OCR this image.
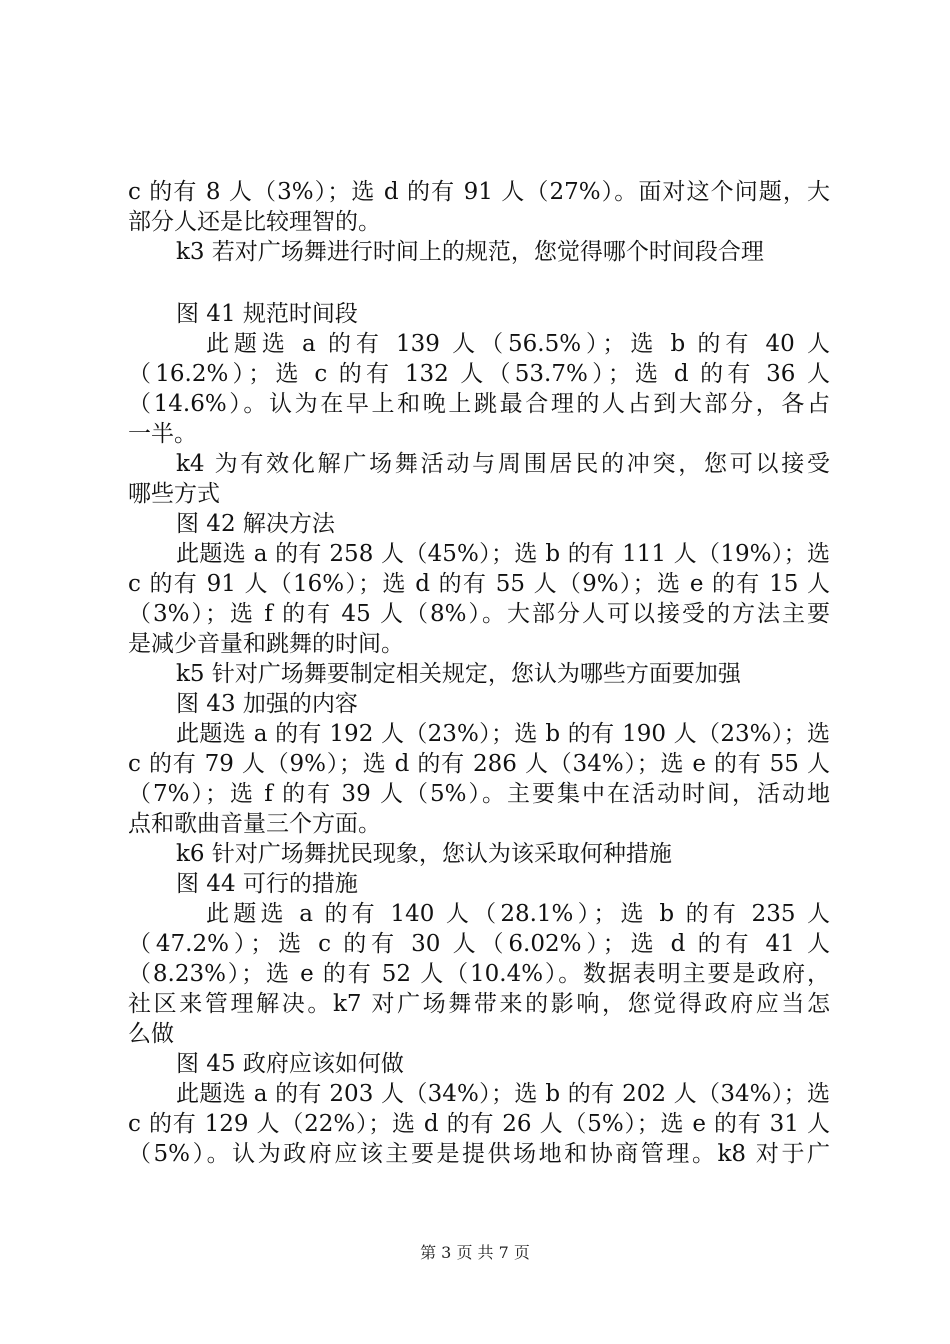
c 的有 8 人（3%）；选 d 的有 91 人（27%）。面对这个问题，大
部分人还是比较理智的。
k3 若对广场舞进行时间上的规范，您觉得哪个时间段合理
图 41 规范时间段
此题选 a 的有 139 人（56.5%）；选 b 的有 40 人
（16.2%）；选 c 的有 132 人（53.7%）；选 d 的有 36 人
（14.6%）。认为在早上和晚上跳最合理的人占到大部分，各占
一半。
k4 为有效化解广场舞活动与周围居民的冲突，您可以接受
哪些方式
图 42 解决方法
此题选 a 的有 258 人（45%）；选 b 的有 111 人（19%）；选
c 的有 91 人（16%）；选 d 的有 55 人（9%）；选 e 的有 15 人
（3%）；选 f 的有 45 人（8%）。大部分人可以接受的方法主要
是减少音量和跳舞的时间。
k5 针对广场舞要制定相关规定，您认为哪些方面要加强
图 43 加强的内容
此题选 a 的有 192 人（23%）；选 b 的有 190 人（23%）；选
c 的有 79 人（9%）；选 d 的有 286 人（34%）；选 e 的有 55 人
（7%）；选 f 的有 39 人（5%）。主要集中在活动时间，活动地
点和歌曲音量三个方面。
k6 针对广场舞扰民现象，您认为该采取何种措施
图 44 可行的措施
此题选 a 的有 140 人（28.1%）；选 b 的有 235 人
（47.2%）；选 c 的有 30 人（6.02%）；选 d 的有 41 人
（8.23%）；选 e 的有 52 人（10.4%）。数据表明主要是政府，
社区来管理解决。k7 对广场舞带来的影响，您觉得政府应当怎
么做
图 45 政府应该如何做
此题选 a 的有 203 人（34%）；选 b 的有 202 人（34%）；选
c 的有 129 人（22%）；选 d 的有 26 人（5%）；选 e 的有 31 人
（5%）。认为政府应该主要是提供场地和协商管理。k8 对于广
第 3 页 共 7 页
